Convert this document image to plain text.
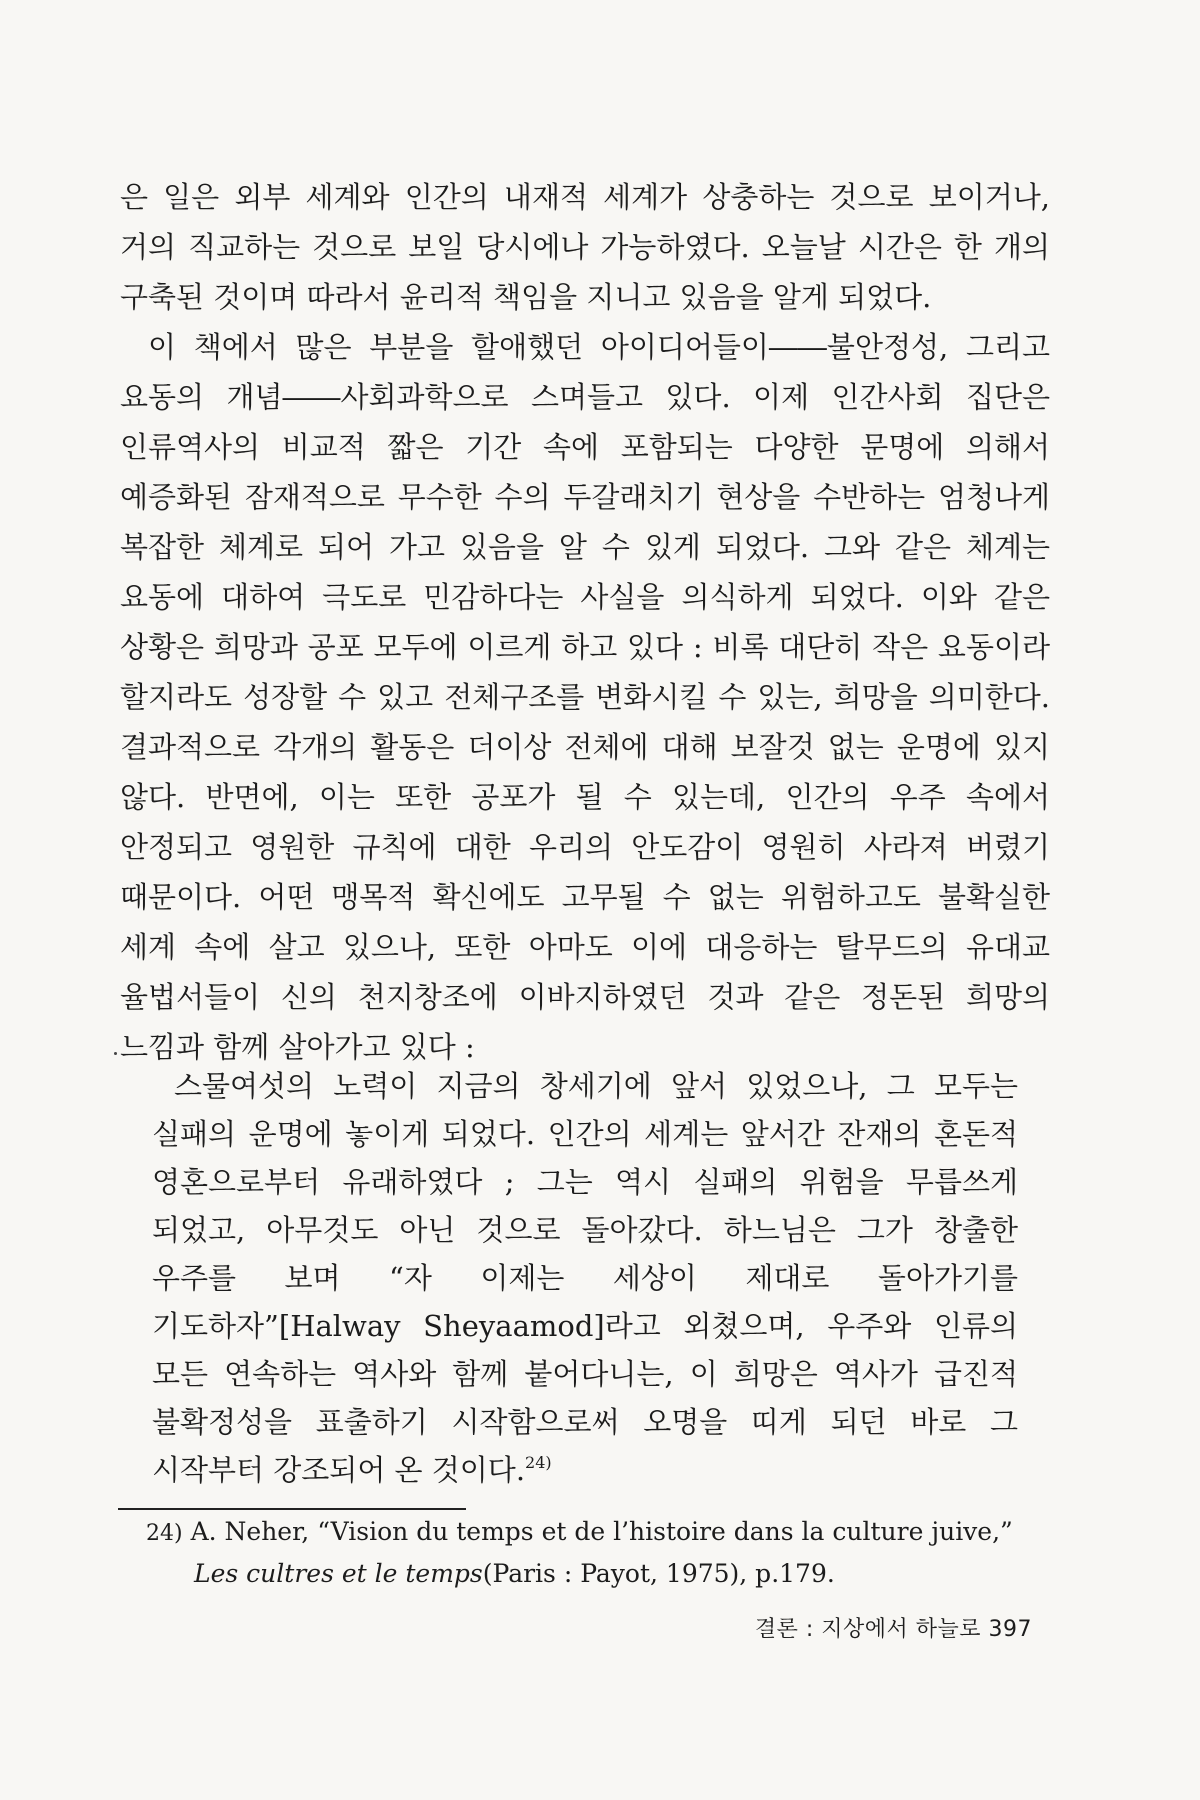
은 일은 외부 세계와 인간의 내재적 세계가 상충하는 것으로 보이거나, 거의 직교하는 것으로 보일 당시에나 가능하였다. 오늘날 시간은 한 개의 구축된 것이며 따라서 윤리적 책임을 지니고 있음을 알게 되었다.

이 책에서 많은 부분을 할애했던 아이디어들이――불안정성, 그리고 요동의 개념――사회과학으로 스며들고 있다. 이제 인간사회 집단은 인류역사의 비교적 짧은 기간 속에 포함되는 다양한 문명에 의해서 예증화된 잠재적으로 무수한 수의 두갈래치기 현상을 수반하는 엄청나게 복잡한 체계로 되어 가고 있음을 알 수 있게 되었다. 그와 같은 체계는 요동에 대하여 극도로 민감하다는 사실을 의식하게 되었다. 이와 같은 상황은 희망과 공포 모두에 이르게 하고 있다 : 비록 대단히 작은 요동이라 할지라도 성장할 수 있고 전체구조를 변화시킬 수 있는, 희망을 의미한다. 결과적으로 각개의 활동은 더이상 전체에 대해 보잘것 없는 운명에 있지 않다. 반면에, 이는 또한 공포가 될 수 있는데, 인간의 우주 속에서 안정되고 영원한 규칙에 대한 우리의 안도감이 영원히 사라져 버렸기 때문이다. 어떤 맹목적 확신에도 고무될 수 없는 위험하고도 불확실한 세계 속에 살고 있으나, 또한 아마도 이에 대응하는 탈무드의 유대교 율법서들이 신의 천지창조에 이바지하였던 것과 같은 정돈된 희망의 느낌과 함께 살아가고 있다 :

스물여섯의 노력이 지금의 창세기에 앞서 있었으나, 그 모두는 실패의 운명에 놓이게 되었다. 인간의 세계는 앞서간 잔재의 혼돈적 영혼으로부터 유래하였다 ; 그는 역시 실패의 위험을 무릅쓰게 되었고, 아무것도 아닌 것으로 돌아갔다. 하느님은 그가 창출한 우주를 보며 “자 이제는 세상이 제대로 돌아가기를 기도하자”[Halway Sheyaamod]라고 외쳤으며, 우주와 인류의 모든 연속하는 역사와 함께 붙어다니는, 이 희망은 역사가 급진적 불확정성을 표출하기 시작함으로써 오명을 띠게 되던 바로 그 시작부터 강조되어 온 것이다.$^{24)}$

24) A. Neher, “Vision du temps et de l’histoire dans la culture juive,”
Les cultres et le temps(Paris : Payot, 1975), p.179.
결론 : 지상에서 하늘로 397
